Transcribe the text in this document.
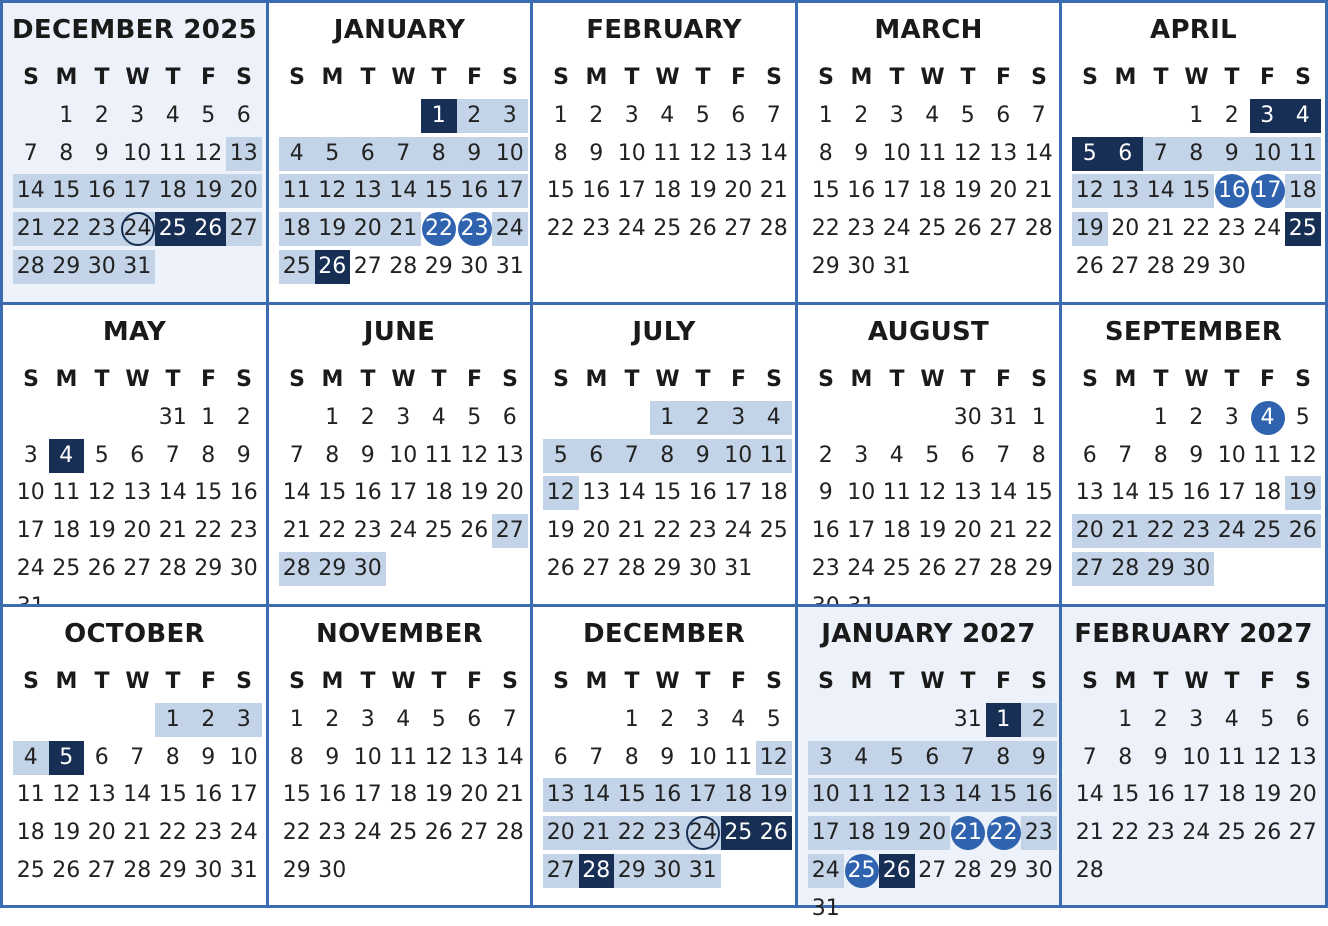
DECEMBER 2025
S M T W T F S
1 2 3 4 5 6
7 8 9 10 11 12 13
14 15 16 17 18 19 20
21 22 23 24 25 26 27
28 29 30 31
JANUARY
S M T W T F S
1 2 3
4 5 6 7 8 9 10
11 12 13 14 15 16 17
18 19 20 21 22 23 24
25 26 27 28 29 30 31
FEBRUARY
S M T W T F S
1 2 3 4 5 6 7
8 9 10 11 12 13 14
15 16 17 18 19 20 21
22 23 24 25 26 27 28
MARCH
S M T W T F S
1 2 3 4 5 6 7
8 9 10 11 12 13 14
15 16 17 18 19 20 21
22 23 24 25 26 27 28
29 30 31
APRIL
S M T W T F S
1 2 3 4
5 6 7 8 9 10 11
12 13 14 15 16 17 18
19 20 21 22 23 24 25
26 27 28 29 30
MAY
S M T W T F S
31 1 2
3 4 5 6 7 8 9
10 11 12 13 14 15 16
17 18 19 20 21 22 23
24 25 26 27 28 29 30
JUNE
S M T W T F S
1 2 3 4 5 6
7 8 9 10 11 12 13
14 15 16 17 18 19 20
21 22 23 24 25 26 27
28 29 30
JULY
S M T W T F S
1 2 3 4
5 6 7 8 9 10 11
12 13 14 15 16 17 18
19 20 21 22 23 24 25
26 27 28 29 30 31
AUGUST
S M T W T F S
30 31 1
2 3 4 5 6 7 8
9 10 11 12 13 14 15
16 17 18 19 20 21 22
23 24 25 26 27 28 29
SEPTEMBER
S M T W T F S
1 2 3 4 5
6 7 8 9 10 11 12
13 14 15 16 17 18 19
20 21 22 23 24 25 26
27 28 29 30
OCTOBER
S M T W T F S
1 2 3
4 5 6 7 8 9 10
11 12 13 14 15 16 17
18 19 20 21 22 23 24
25 26 27 28 29 30 31
NOVEMBER
S M T W T F S
1 2 3 4 5 6 7
8 9 10 11 12 13 14
15 16 17 18 19 20 21
22 23 24 25 26 27 28
29 30
DECEMBER
S M T W T F S
1 2 3 4 5
6 7 8 9 10 11 12
13 14 15 16 17 18 19
20 21 22 23 24 25 26
27 28 29 30 31
JANUARY 2027
S M T W T F S
31 1 2
3 4 5 6 7 8 9
10 11 12 13 14 15 16
17 18 19 20 21 22 23
24 25 26 27 28 29 30
31
FEBRUARY 2027
S M T W T F S
1 2 3 4 5 6
7 8 9 10 11 12 13
14 15 16 17 18 19 20
21 22 23 24 25 26 27
28
